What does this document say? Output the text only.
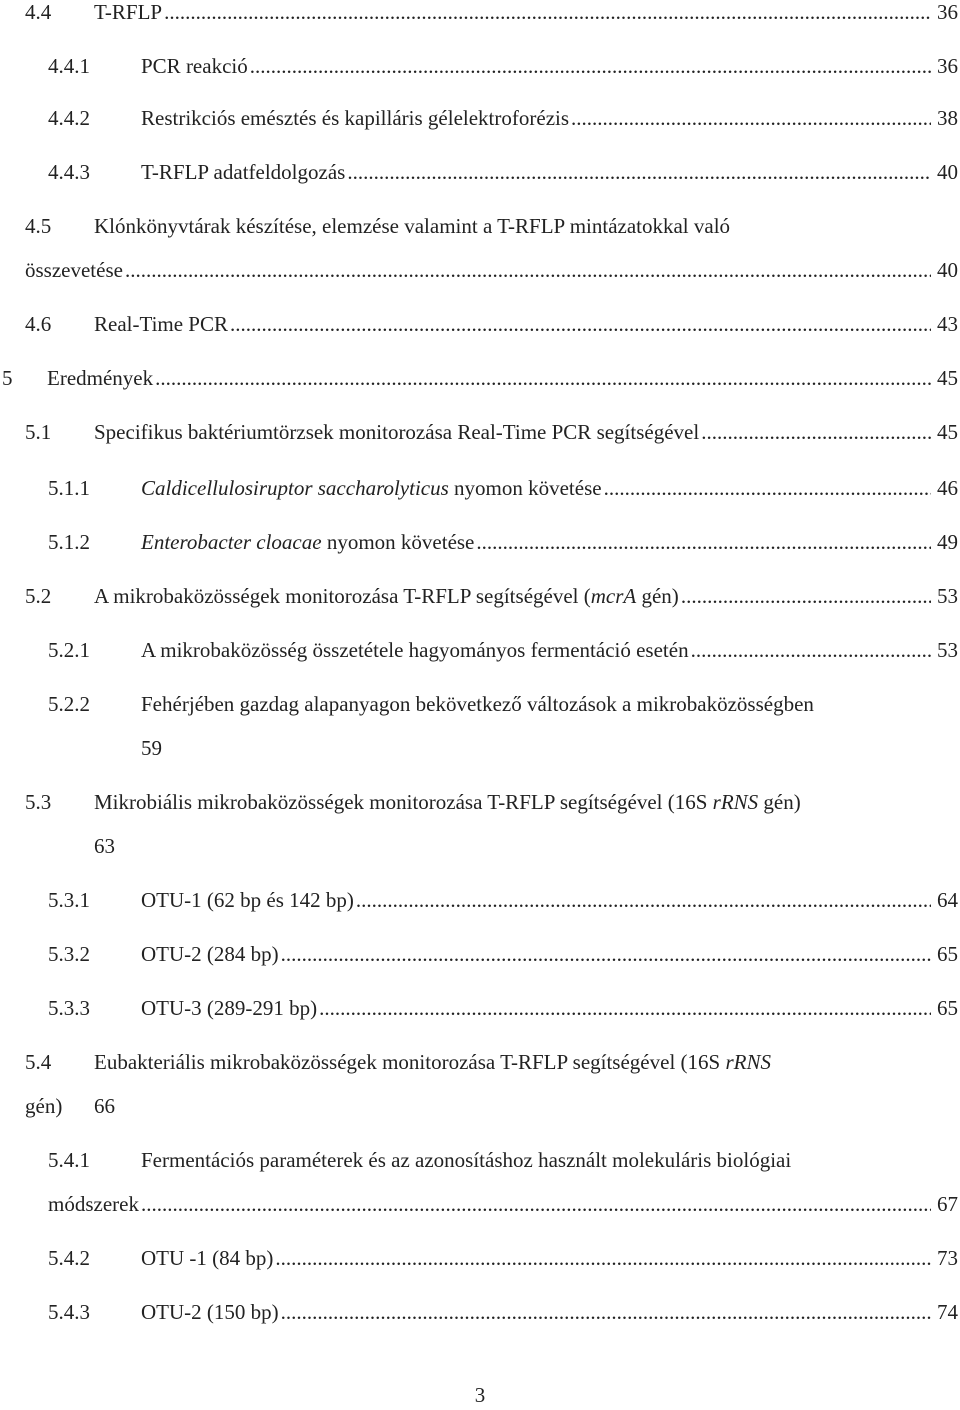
4.4 T-RFLP .....	36
4.4.1 PCR reakció .....	36
4.4.2 Restrikciós emésztés és kapilláris gélelektroforézis .....	38
4.4.3 T-RFLP adatfeldolgozás .....	40
4.5 Klónkönyvtárak készítése, elemzése valamint a T-RFLP mintázatokkal való
összevetése .....	40
4.6 Real-Time PCR .....	43
5 Eredmények .....	45
5.1 Specifikus baktériumtörzsek monitorozása Real-Time PCR segítségével .....	45
5.1.1 Caldicellulosiruptor saccharolyticus nyomon követése .....	46
5.1.2 Enterobacter cloacae nyomon követése .....	49
5.2 A mikrobaközösségek monitorozása T-RFLP segítségével (mcrA gén) .....	53
5.2.1 A mikrobaközösség összetétele hagyományos fermentáció esetén .....	53
5.2.2 Fehérjében gazdag alapanyagon bekövetkező változások a mikrobaközösségben
59
5.3 Mikrobiális mikrobaközösségek monitorozása T-RFLP segítségével (16S rRNS gén)
63
5.3.1 OTU-1 (62 bp és 142 bp) .....	64
5.3.2 OTU-2 (284 bp) .....	65
5.3.3 OTU-3 (289-291 bp) .....	65
5.4 Eubakteriális mikrobaközösségek monitorozása T-RFLP segítségével (16S rRNS
gén) 66
5.4.1 Fermentációs paraméterek és az azonosításhoz használt molekuláris biológiai
módszerek .....	67
5.4.2 OTU -1 (84 bp) .....	73
5.4.3 OTU-2 (150 bp) .....	74
3
